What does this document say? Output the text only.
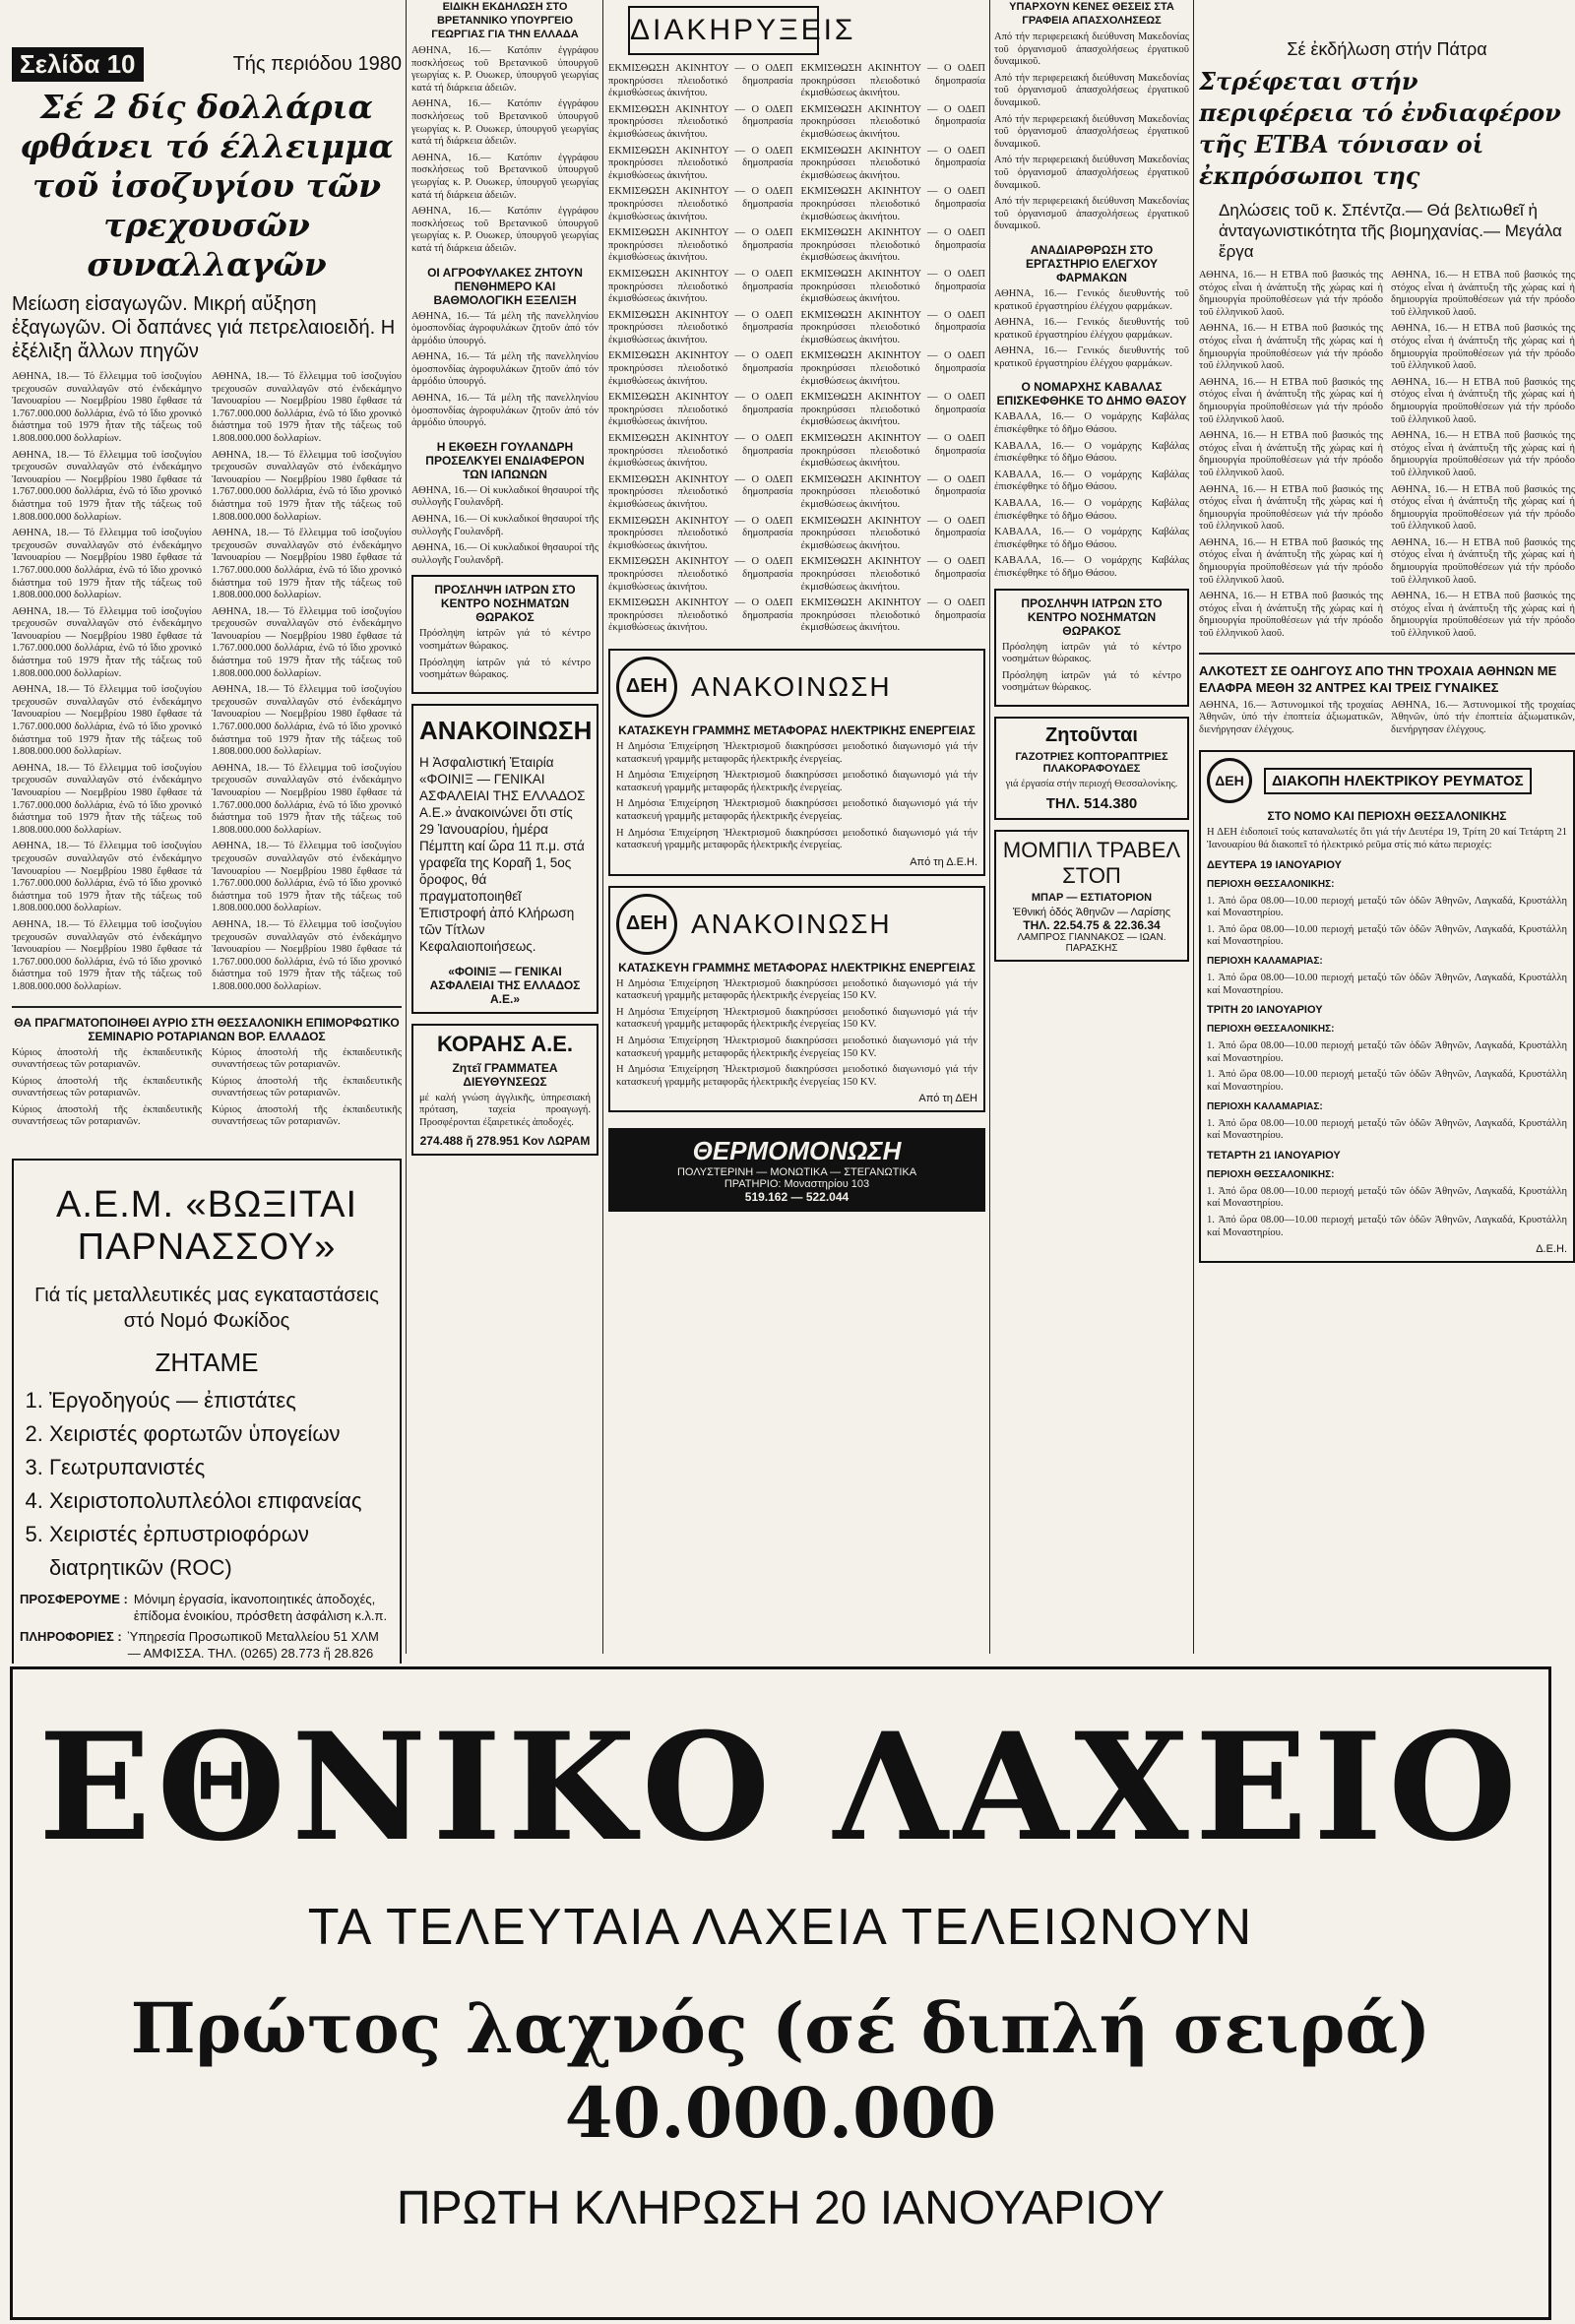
Σελίδα 10	Τής περιόδου 1980
Σέ 2 δίς δολλάρια φθάνει τό έλλειμμα τοῦ ἰσοζυγίου τῶν τρεχουσῶν συναλλαγῶν
Μείωση εἰσαγωγῶν. Μικρή αὔξηση ἐξαγωγῶν. Οἱ δαπάνες γιά πετρελαιοειδή. Η ἐξέλιξη ἄλλων πηγῶν

ΑΘΗΝΑ, 18.— Τό ἔλλειμμα τοῦ ἰσοζυγίου τρεχουσῶν συναλλαγῶν στό ἐνδεκάμηνο Ἰανουαρίου — Νοεμβρίου 1980 ἔφθασε τά 1.767.000.000 δολλάρια, ἐνῶ τό ἴδιο χρονικό διάστημα τοῦ 1979 ἦταν τῆς τάξεως τοῦ 1.808.000.000 δολλαρίων.

ΑΘΗΝΑ, 18.— Τό ἔλλειμμα τοῦ ἰσοζυγίου τρεχουσῶν συναλλαγῶν στό ἐνδεκάμηνο Ἰανουαρίου — Νοεμβρίου 1980 ἔφθασε τά 1.767.000.000 δολλάρια, ἐνῶ τό ἴδιο χρονικό διάστημα τοῦ 1979 ἦταν τῆς τάξεως τοῦ 1.808.000.000 δολλαρίων.

ΑΘΗΝΑ, 18.— Τό ἔλλειμμα τοῦ ἰσοζυγίου τρεχουσῶν συναλλαγῶν στό ἐνδεκάμηνο Ἰανουαρίου — Νοεμβρίου 1980 ἔφθασε τά 1.767.000.000 δολλάρια, ἐνῶ τό ἴδιο χρονικό διάστημα τοῦ 1979 ἦταν τῆς τάξεως τοῦ 1.808.000.000 δολλαρίων.

ΑΘΗΝΑ, 18.— Τό ἔλλειμμα τοῦ ἰσοζυγίου τρεχουσῶν συναλλαγῶν στό ἐνδεκάμηνο Ἰανουαρίου — Νοεμβρίου 1980 ἔφθασε τά 1.767.000.000 δολλάρια, ἐνῶ τό ἴδιο χρονικό διάστημα τοῦ 1979 ἦταν τῆς τάξεως τοῦ 1.808.000.000 δολλαρίων.

ΑΘΗΝΑ, 18.— Τό ἔλλειμμα τοῦ ἰσοζυγίου τρεχουσῶν συναλλαγῶν στό ἐνδεκάμηνο Ἰανουαρίου — Νοεμβρίου 1980 ἔφθασε τά 1.767.000.000 δολλάρια, ἐνῶ τό ἴδιο χρονικό διάστημα τοῦ 1979 ἦταν τῆς τάξεως τοῦ 1.808.000.000 δολλαρίων.

ΑΘΗΝΑ, 18.— Τό ἔλλειμμα τοῦ ἰσοζυγίου τρεχουσῶν συναλλαγῶν στό ἐνδεκάμηνο Ἰανουαρίου — Νοεμβρίου 1980 ἔφθασε τά 1.767.000.000 δολλάρια, ἐνῶ τό ἴδιο χρονικό διάστημα τοῦ 1979 ἦταν τῆς τάξεως τοῦ 1.808.000.000 δολλαρίων.

ΑΘΗΝΑ, 18.— Τό ἔλλειμμα τοῦ ἰσοζυγίου τρεχουσῶν συναλλαγῶν στό ἐνδεκάμηνο Ἰανουαρίου — Νοεμβρίου 1980 ἔφθασε τά 1.767.000.000 δολλάρια, ἐνῶ τό ἴδιο χρονικό διάστημα τοῦ 1979 ἦταν τῆς τάξεως τοῦ 1.808.000.000 δολλαρίων.

ΑΘΗΝΑ, 18.— Τό ἔλλειμμα τοῦ ἰσοζυγίου τρεχουσῶν συναλλαγῶν στό ἐνδεκάμηνο Ἰανουαρίου — Νοεμβρίου 1980 ἔφθασε τά 1.767.000.000 δολλάρια, ἐνῶ τό ἴδιο χρονικό διάστημα τοῦ 1979 ἦταν τῆς τάξεως τοῦ 1.808.000.000 δολλαρίων.

ΑΘΗΝΑ, 18.— Τό ἔλλειμμα τοῦ ἰσοζυγίου τρεχουσῶν συναλλαγῶν στό ἐνδεκάμηνο Ἰανουαρίου — Νοεμβρίου 1980 ἔφθασε τά 1.767.000.000 δολλάρια, ἐνῶ τό ἴδιο χρονικό διάστημα τοῦ 1979 ἦταν τῆς τάξεως τοῦ 1.808.000.000 δολλαρίων.

ΑΘΗΝΑ, 18.— Τό ἔλλειμμα τοῦ ἰσοζυγίου τρεχουσῶν συναλλαγῶν στό ἐνδεκάμηνο Ἰανουαρίου — Νοεμβρίου 1980 ἔφθασε τά 1.767.000.000 δολλάρια, ἐνῶ τό ἴδιο χρονικό διάστημα τοῦ 1979 ἦταν τῆς τάξεως τοῦ 1.808.000.000 δολλαρίων.

ΑΘΗΝΑ, 18.— Τό ἔλλειμμα τοῦ ἰσοζυγίου τρεχουσῶν συναλλαγῶν στό ἐνδεκάμηνο Ἰανουαρίου — Νοεμβρίου 1980 ἔφθασε τά 1.767.000.000 δολλάρια, ἐνῶ τό ἴδιο χρονικό διάστημα τοῦ 1979 ἦταν τῆς τάξεως τοῦ 1.808.000.000 δολλαρίων.

ΑΘΗΝΑ, 18.— Τό ἔλλειμμα τοῦ ἰσοζυγίου τρεχουσῶν συναλλαγῶν στό ἐνδεκάμηνο Ἰανουαρίου — Νοεμβρίου 1980 ἔφθασε τά 1.767.000.000 δολλάρια, ἐνῶ τό ἴδιο χρονικό διάστημα τοῦ 1979 ἦταν τῆς τάξεως τοῦ 1.808.000.000 δολλαρίων.

ΑΘΗΝΑ, 18.— Τό ἔλλειμμα τοῦ ἰσοζυγίου τρεχουσῶν συναλλαγῶν στό ἐνδεκάμηνο Ἰανουαρίου — Νοεμβρίου 1980 ἔφθασε τά 1.767.000.000 δολλάρια, ἐνῶ τό ἴδιο χρονικό διάστημα τοῦ 1979 ἦταν τῆς τάξεως τοῦ 1.808.000.000 δολλαρίων.

ΑΘΗΝΑ, 18.— Τό ἔλλειμμα τοῦ ἰσοζυγίου τρεχουσῶν συναλλαγῶν στό ἐνδεκάμηνο Ἰανουαρίου — Νοεμβρίου 1980 ἔφθασε τά 1.767.000.000 δολλάρια, ἐνῶ τό ἴδιο χρονικό διάστημα τοῦ 1979 ἦταν τῆς τάξεως τοῦ 1.808.000.000 δολλαρίων.

ΑΘΗΝΑ, 18.— Τό ἔλλειμμα τοῦ ἰσοζυγίου τρεχουσῶν συναλλαγῶν στό ἐνδεκάμηνο Ἰανουαρίου — Νοεμβρίου 1980 ἔφθασε τά 1.767.000.000 δολλάρια, ἐνῶ τό ἴδιο χρονικό διάστημα τοῦ 1979 ἦταν τῆς τάξεως τοῦ 1.808.000.000 δολλαρίων.

ΑΘΗΝΑ, 18.— Τό ἔλλειμμα τοῦ ἰσοζυγίου τρεχουσῶν συναλλαγῶν στό ἐνδεκάμηνο Ἰανουαρίου — Νοεμβρίου 1980 ἔφθασε τά 1.767.000.000 δολλάρια, ἐνῶ τό ἴδιο χρονικό διάστημα τοῦ 1979 ἦταν τῆς τάξεως τοῦ 1.808.000.000 δολλαρίων.

ΘΑ ΠΡΑΓΜΑΤΟΠΟΙΗΘΕΙ ΑΥΡΙΟ ΣΤΗ ΘΕΣΣΑΛΟΝΙΚΗ ΕΠΙΜΟΡΦΩΤΙΚΟ ΣΕΜΙΝΑΡΙΟ ΡΟΤΑΡΙΑΝΩΝ ΒΟΡ. ΕΛΛΑΔΟΣ

Κύριος ἀποστολή τῆς ἐκπαιδευτικῆς συναντήσεως τῶν ροταριανῶν.

Κύριος ἀποστολή τῆς ἐκπαιδευτικῆς συναντήσεως τῶν ροταριανῶν.

Κύριος ἀποστολή τῆς ἐκπαιδευτικῆς συναντήσεως τῶν ροταριανῶν.

Κύριος ἀποστολή τῆς ἐκπαιδευτικῆς συναντήσεως τῶν ροταριανῶν.

Κύριος ἀποστολή τῆς ἐκπαιδευτικῆς συναντήσεως τῶν ροταριανῶν.

Κύριος ἀποστολή τῆς ἐκπαιδευτικῆς συναντήσεως τῶν ροταριανῶν.

Α.Ε.Μ. «ΒΩΞΙΤΑΙ ΠΑΡΝΑΣΣΟΥ»
Γιά τίς μεταλλευτικές μας εγκαταστάσεις στό Νομό Φωκίδος
ΖΗΤΑΜΕ
1. Ἐργοδηγούς — ἐπιστάτες
2. Χειριστές φορτωτῶν ὑπογείων
3. Γεωτρυπανιστές
4. Χειριστοπολυπλεόλοι επιφανείας
5. Χειριστές ἐρπυστριοφόρων διατρητικῶν (ROC)
ΠΡΟΣΦΕΡΟΥΜΕ : Μόνιμη ἐργασία, ἱκανοποιητικές ἀποδοχές, ἐπίδομα ἐνοικίου, πρόσθετη ἀσφάλιση κ.λ.π.
ΠΛΗΡΟΦΟΡΙΕΣ : Ὑπηρεσία Προσωπικοῦ Μεταλλείου 51 ΧΛΜ — ΑΜΦΙΣΣΑ. ΤΗΛ. (0265) 28.773 ἤ 28.826
ΕΙΔΙΚΗ ΕΚΔΗΛΩΣΗ ΣΤΟ ΒΡΕΤΑΝΝΙΚΟ ΥΠΟΥΡΓΕΙΟ ΓΕΩΡΓΙΑΣ ΓΙΑ ΤΗΝ ΕΛΛΑΔΑ

ΑΘΗΝΑ, 16.— Κατόπιν ἐγγράφου ποσκλήσεως τοῦ Βρετανικοῦ ὑπουργοῦ γεωργίας κ. Ρ. Ουωκερ, ὑπουργοῦ γεωργίας κατά τή διάρκεια ἀδειῶν.

ΑΘΗΝΑ, 16.— Κατόπιν ἐγγράφου ποσκλήσεως τοῦ Βρετανικοῦ ὑπουργοῦ γεωργίας κ. Ρ. Ουωκερ, ὑπουργοῦ γεωργίας κατά τή διάρκεια ἀδειῶν.

ΑΘΗΝΑ, 16.— Κατόπιν ἐγγράφου ποσκλήσεως τοῦ Βρετανικοῦ ὑπουργοῦ γεωργίας κ. Ρ. Ουωκερ, ὑπουργοῦ γεωργίας κατά τή διάρκεια ἀδειῶν.

ΑΘΗΝΑ, 16.— Κατόπιν ἐγγράφου ποσκλήσεως τοῦ Βρετανικοῦ ὑπουργοῦ γεωργίας κ. Ρ. Ουωκερ, ὑπουργοῦ γεωργίας κατά τή διάρκεια ἀδειῶν.

ΟΙ ΑΓΡΟΦΥΛΑΚΕΣ ΖΗΤΟΥΝ ΠΕΝΘΗΜΕΡΟ ΚΑΙ ΒΑΘΜΟΛΟΓΙΚΗ ΕΞΕΛΙΞΗ

ΑΘΗΝΑ, 16.— Τά μέλη τῆς πανελληνίου ὁμοσπονδίας ἀγροφυλάκων ζητοῦν ἀπό τόν ἁρμόδιο ὑπουργό.

ΑΘΗΝΑ, 16.— Τά μέλη τῆς πανελληνίου ὁμοσπονδίας ἀγροφυλάκων ζητοῦν ἀπό τόν ἁρμόδιο ὑπουργό.

ΑΘΗΝΑ, 16.— Τά μέλη τῆς πανελληνίου ὁμοσπονδίας ἀγροφυλάκων ζητοῦν ἀπό τόν ἁρμόδιο ὑπουργό.

Η ΕΚΘΕΣΗ ΓΟΥΛΑΝΔΡΗ ΠΡΟΣΕΛΚΥΕΙ ΕΝΔΙΑΦΕΡΟΝ ΤΩΝ ΙΑΠΩΝΩΝ

ΑΘΗΝΑ, 16.— Οἱ κυκλαδικοί θησαυροί τῆς συλλογῆς Γουλανδρῆ.

ΑΘΗΝΑ, 16.— Οἱ κυκλαδικοί θησαυροί τῆς συλλογῆς Γουλανδρῆ.

ΑΘΗΝΑ, 16.— Οἱ κυκλαδικοί θησαυροί τῆς συλλογῆς Γουλανδρῆ.

ΠΡΟΣΛΗΨΗ ΙΑΤΡΩΝ ΣΤΟ ΚΕΝΤΡΟ ΝΟΣΗΜΑΤΩΝ ΘΩΡΑΚΟΣ

Πρόσληψη ἰατρῶν γιά τό κέντρο νοσημάτων θώρακος.

Πρόσληψη ἰατρῶν γιά τό κέντρο νοσημάτων θώρακος.

ΑΝΑΚΟΙΝΩΣΗ
Η Ἀσφαλιστική Ἑταιρία «ΦΟΙΝΙΞ — ΓΕΝΙΚΑΙ ΑΣΦΑΛΕΙΑΙ ΤΗΣ ΕΛΛΑΔΟΣ Α.Ε.» ἀνακοινώνει ὅτι στίς 29 Ἰανουαρίου, ἡμέρα Πέμπτη καί ὥρα 11 π.μ. στά γραφεῖα της Κοραῆ 1, 5ος ὄροφος, θά πραγματοποιηθεῖ Ἐπιστροφή ἀπό Κλήρωση τῶν Τίτλων Κεφαλαιοποιήσεως.
«ΦΟΙΝΙΞ — ΓΕΝΙΚΑΙ ΑΣΦΑΛΕΙΑΙ ΤΗΣ ΕΛΛΑΔΟΣ Α.Ε.»
ΚΟΡΑΗΣ Α.Ε.
Ζητεῖ ΓΡΑΜΜΑΤΕΑ ΔΙΕΥΘΥΝΣΕΩΣ

μέ καλή γνώση ἀγγλικῆς, ὑπηρεσιακή πρόταση, ταχεία προαγωγή. Προσφέρονται ἐξαιρετικές ἀποδοχές.

274.488 ἤ 278.951 Κον ΛΩΡΑΜ
ΔΙΑΚΗΡΥΞΕΙΣ

ΕΚΜΙΣΘΩΣΗ ΑΚΙΝΗΤΟΥ — Ο ΟΔΕΠ προκηρύσσει πλειοδοτικό δημοπρασία ἐκμισθώσεως ἀκινήτου.

ΕΚΜΙΣΘΩΣΗ ΑΚΙΝΗΤΟΥ — Ο ΟΔΕΠ προκηρύσσει πλειοδοτικό δημοπρασία ἐκμισθώσεως ἀκινήτου.

ΕΚΜΙΣΘΩΣΗ ΑΚΙΝΗΤΟΥ — Ο ΟΔΕΠ προκηρύσσει πλειοδοτικό δημοπρασία ἐκμισθώσεως ἀκινήτου.

ΕΚΜΙΣΘΩΣΗ ΑΚΙΝΗΤΟΥ — Ο ΟΔΕΠ προκηρύσσει πλειοδοτικό δημοπρασία ἐκμισθώσεως ἀκινήτου.

ΕΚΜΙΣΘΩΣΗ ΑΚΙΝΗΤΟΥ — Ο ΟΔΕΠ προκηρύσσει πλειοδοτικό δημοπρασία ἐκμισθώσεως ἀκινήτου.

ΕΚΜΙΣΘΩΣΗ ΑΚΙΝΗΤΟΥ — Ο ΟΔΕΠ προκηρύσσει πλειοδοτικό δημοπρασία ἐκμισθώσεως ἀκινήτου.

ΕΚΜΙΣΘΩΣΗ ΑΚΙΝΗΤΟΥ — Ο ΟΔΕΠ προκηρύσσει πλειοδοτικό δημοπρασία ἐκμισθώσεως ἀκινήτου.

ΕΚΜΙΣΘΩΣΗ ΑΚΙΝΗΤΟΥ — Ο ΟΔΕΠ προκηρύσσει πλειοδοτικό δημοπρασία ἐκμισθώσεως ἀκινήτου.

ΕΚΜΙΣΘΩΣΗ ΑΚΙΝΗΤΟΥ — Ο ΟΔΕΠ προκηρύσσει πλειοδοτικό δημοπρασία ἐκμισθώσεως ἀκινήτου.

ΕΚΜΙΣΘΩΣΗ ΑΚΙΝΗΤΟΥ — Ο ΟΔΕΠ προκηρύσσει πλειοδοτικό δημοπρασία ἐκμισθώσεως ἀκινήτου.

ΕΚΜΙΣΘΩΣΗ ΑΚΙΝΗΤΟΥ — Ο ΟΔΕΠ προκηρύσσει πλειοδοτικό δημοπρασία ἐκμισθώσεως ἀκινήτου.

ΕΚΜΙΣΘΩΣΗ ΑΚΙΝΗΤΟΥ — Ο ΟΔΕΠ προκηρύσσει πλειοδοτικό δημοπρασία ἐκμισθώσεως ἀκινήτου.

ΕΚΜΙΣΘΩΣΗ ΑΚΙΝΗΤΟΥ — Ο ΟΔΕΠ προκηρύσσει πλειοδοτικό δημοπρασία ἐκμισθώσεως ἀκινήτου.

ΕΚΜΙΣΘΩΣΗ ΑΚΙΝΗΤΟΥ — Ο ΟΔΕΠ προκηρύσσει πλειοδοτικό δημοπρασία ἐκμισθώσεως ἀκινήτου.

ΕΚΜΙΣΘΩΣΗ ΑΚΙΝΗΤΟΥ — Ο ΟΔΕΠ προκηρύσσει πλειοδοτικό δημοπρασία ἐκμισθώσεως ἀκινήτου.

ΕΚΜΙΣΘΩΣΗ ΑΚΙΝΗΤΟΥ — Ο ΟΔΕΠ προκηρύσσει πλειοδοτικό δημοπρασία ἐκμισθώσεως ἀκινήτου.

ΕΚΜΙΣΘΩΣΗ ΑΚΙΝΗΤΟΥ — Ο ΟΔΕΠ προκηρύσσει πλειοδοτικό δημοπρασία ἐκμισθώσεως ἀκινήτου.

ΕΚΜΙΣΘΩΣΗ ΑΚΙΝΗΤΟΥ — Ο ΟΔΕΠ προκηρύσσει πλειοδοτικό δημοπρασία ἐκμισθώσεως ἀκινήτου.

ΕΚΜΙΣΘΩΣΗ ΑΚΙΝΗΤΟΥ — Ο ΟΔΕΠ προκηρύσσει πλειοδοτικό δημοπρασία ἐκμισθώσεως ἀκινήτου.

ΕΚΜΙΣΘΩΣΗ ΑΚΙΝΗΤΟΥ — Ο ΟΔΕΠ προκηρύσσει πλειοδοτικό δημοπρασία ἐκμισθώσεως ἀκινήτου.

ΕΚΜΙΣΘΩΣΗ ΑΚΙΝΗΤΟΥ — Ο ΟΔΕΠ προκηρύσσει πλειοδοτικό δημοπρασία ἐκμισθώσεως ἀκινήτου.

ΕΚΜΙΣΘΩΣΗ ΑΚΙΝΗΤΟΥ — Ο ΟΔΕΠ προκηρύσσει πλειοδοτικό δημοπρασία ἐκμισθώσεως ἀκινήτου.

ΕΚΜΙΣΘΩΣΗ ΑΚΙΝΗΤΟΥ — Ο ΟΔΕΠ προκηρύσσει πλειοδοτικό δημοπρασία ἐκμισθώσεως ἀκινήτου.

ΕΚΜΙΣΘΩΣΗ ΑΚΙΝΗΤΟΥ — Ο ΟΔΕΠ προκηρύσσει πλειοδοτικό δημοπρασία ἐκμισθώσεως ἀκινήτου.

ΕΚΜΙΣΘΩΣΗ ΑΚΙΝΗΤΟΥ — Ο ΟΔΕΠ προκηρύσσει πλειοδοτικό δημοπρασία ἐκμισθώσεως ἀκινήτου.

ΕΚΜΙΣΘΩΣΗ ΑΚΙΝΗΤΟΥ — Ο ΟΔΕΠ προκηρύσσει πλειοδοτικό δημοπρασία ἐκμισθώσεως ἀκινήτου.

ΕΚΜΙΣΘΩΣΗ ΑΚΙΝΗΤΟΥ — Ο ΟΔΕΠ προκηρύσσει πλειοδοτικό δημοπρασία ἐκμισθώσεως ἀκινήτου.

ΕΚΜΙΣΘΩΣΗ ΑΚΙΝΗΤΟΥ — Ο ΟΔΕΠ προκηρύσσει πλειοδοτικό δημοπρασία ἐκμισθώσεως ἀκινήτου.

ΔΕΗ ΑΝΑΚΟΙΝΩΣΗ
ΚΑΤΑΣΚΕΥΗ ΓΡΑΜΜΗΣ ΜΕΤΑΦΟΡΑΣ ΗΛΕΚΤΡΙΚΗΣ ΕΝΕΡΓΕΙΑΣ

Η Δημόσια Ἐπιχείρηση Ἠλεκτρισμοῦ διακηρύσσει μειοδοτικό διαγωνισμό γιά τήν κατασκευή γραμμῆς μεταφορᾶς ἠλεκτρικῆς ἐνεργείας.

Η Δημόσια Ἐπιχείρηση Ἠλεκτρισμοῦ διακηρύσσει μειοδοτικό διαγωνισμό γιά τήν κατασκευή γραμμῆς μεταφορᾶς ἠλεκτρικῆς ἐνεργείας.

Η Δημόσια Ἐπιχείρηση Ἠλεκτρισμοῦ διακηρύσσει μειοδοτικό διαγωνισμό γιά τήν κατασκευή γραμμῆς μεταφορᾶς ἠλεκτρικῆς ἐνεργείας.

Η Δημόσια Ἐπιχείρηση Ἠλεκτρισμοῦ διακηρύσσει μειοδοτικό διαγωνισμό γιά τήν κατασκευή γραμμῆς μεταφορᾶς ἠλεκτρικῆς ἐνεργείας.

Από τη Δ.Ε.Η.
ΔΕΗ ΑΝΑΚΟΙΝΩΣΗ
ΚΑΤΑΣΚΕΥΗ ΓΡΑΜΜΗΣ ΜΕΤΑΦΟΡΑΣ ΗΛΕΚΤΡΙΚΗΣ ΕΝΕΡΓΕΙΑΣ

Η Δημόσια Ἐπιχείρηση Ἠλεκτρισμοῦ διακηρύσσει μειοδοτικό διαγωνισμό γιά τήν κατασκευή γραμμῆς μεταφορᾶς ἠλεκτρικῆς ἐνεργείας 150 ΚV.

Η Δημόσια Ἐπιχείρηση Ἠλεκτρισμοῦ διακηρύσσει μειοδοτικό διαγωνισμό γιά τήν κατασκευή γραμμῆς μεταφορᾶς ἠλεκτρικῆς ἐνεργείας 150 ΚV.

Η Δημόσια Ἐπιχείρηση Ἠλεκτρισμοῦ διακηρύσσει μειοδοτικό διαγωνισμό γιά τήν κατασκευή γραμμῆς μεταφορᾶς ἠλεκτρικῆς ἐνεργείας 150 ΚV.

Η Δημόσια Ἐπιχείρηση Ἠλεκτρισμοῦ διακηρύσσει μειοδοτικό διαγωνισμό γιά τήν κατασκευή γραμμῆς μεταφορᾶς ἠλεκτρικῆς ἐνεργείας 150 ΚV.

Από τη ΔΕΗ
ΘΕΡΜΟΜΟΝΩΣΗ
ΠΟΛΥΣΤΕΡΙΝΗ — ΜΟΝΩΤΙΚΑ — ΣΤΕΓΑΝΩΤΙΚΑ
ΠΡΑΤΗΡΙΟ: Μοναστηρίου 103
519.162 — 522.044
ΥΠΑΡΧΟΥΝ ΚΕΝΕΣ ΘΕΣΕΙΣ ΣΤΑ ΓΡΑΦΕΙΑ ΑΠΑΣΧΟΛΗΣΕΩΣ

Από τήν περιφερειακή διεύθυνση Μακεδονίας τοῦ ὀργανισμοῦ ἀπασχολήσεως ἐργατικοῦ δυναμικοῦ.

Από τήν περιφερειακή διεύθυνση Μακεδονίας τοῦ ὀργανισμοῦ ἀπασχολήσεως ἐργατικοῦ δυναμικοῦ.

Από τήν περιφερειακή διεύθυνση Μακεδονίας τοῦ ὀργανισμοῦ ἀπασχολήσεως ἐργατικοῦ δυναμικοῦ.

Από τήν περιφερειακή διεύθυνση Μακεδονίας τοῦ ὀργανισμοῦ ἀπασχολήσεως ἐργατικοῦ δυναμικοῦ.

Από τήν περιφερειακή διεύθυνση Μακεδονίας τοῦ ὀργανισμοῦ ἀπασχολήσεως ἐργατικοῦ δυναμικοῦ.

ΑΝΑΔΙΑΡΘΡΩΣΗ ΣΤΟ ΕΡΓΑΣΤΗΡΙΟ ΕΛΕΓΧΟΥ ΦΑΡΜΑΚΩΝ

ΑΘΗΝΑ, 16.— Γενικός διευθυντής τοῦ κρατικοῦ ἐργαστηρίου ἐλέγχου φαρμάκων.

ΑΘΗΝΑ, 16.— Γενικός διευθυντής τοῦ κρατικοῦ ἐργαστηρίου ἐλέγχου φαρμάκων.

ΑΘΗΝΑ, 16.— Γενικός διευθυντής τοῦ κρατικοῦ ἐργαστηρίου ἐλέγχου φαρμάκων.

Ο ΝΟΜΑΡΧΗΣ ΚΑΒΑΛΑΣ ΕΠΙΣΚΕΦΘΗΚΕ ΤΟ ΔΗΜΟ ΘΑΣΟΥ

ΚΑΒΑΛΑ, 16.— Ο νομάρχης Καβάλας ἐπισκέφθηκε τό δῆμο Θάσου.

ΚΑΒΑΛΑ, 16.— Ο νομάρχης Καβάλας ἐπισκέφθηκε τό δῆμο Θάσου.

ΚΑΒΑΛΑ, 16.— Ο νομάρχης Καβάλας ἐπισκέφθηκε τό δῆμο Θάσου.

ΚΑΒΑΛΑ, 16.— Ο νομάρχης Καβάλας ἐπισκέφθηκε τό δῆμο Θάσου.

ΚΑΒΑΛΑ, 16.— Ο νομάρχης Καβάλας ἐπισκέφθηκε τό δῆμο Θάσου.

ΚΑΒΑΛΑ, 16.— Ο νομάρχης Καβάλας ἐπισκέφθηκε τό δῆμο Θάσου.

ΠΡΟΣΛΗΨΗ ΙΑΤΡΩΝ ΣΤΟ ΚΕΝΤΡΟ ΝΟΣΗΜΑΤΩΝ ΘΩΡΑΚΟΣ

Πρόσληψη ἰατρῶν γιά τό κέντρο νοσημάτων θώρακος.

Πρόσληψη ἰατρῶν γιά τό κέντρο νοσημάτων θώρακος.

Ζητοῦνται
ΓΑΖΟΤΡΙΕΣ ΚΟΠΤΟΡΑΠΤΡΙΕΣ ΠΛΑΚΟΡΑΦΟΥΔΕΣ

γιά ἐργασία στήν περιοχή Θεσσαλονίκης.

ΤΗΛ. 514.380
ΜΟΜΠΙΛ ΤΡΑΒΕΛ ΣΤΟΠ
ΜΠΑΡ — ΕΣΤΙΑΤΟΡΙΟΝ
Ἐθνική ὁδός Ἀθηνῶν — Λαρίσης
ΤΗΛ. 22.54.75 & 22.36.34
ΛΑΜΠΡΟΣ ΓΙΑΝΝΑΚΟΣ — ΙΩΑΝ. ΠΑΡΑΣΚΗΣ
Σέ ἐκδήλωση στήν Πάτρα
Στρέφεται στήν περιφέρεια τό ἐνδιαφέρον τῆς ΕΤΒΑ τόνισαν οἱ ἐκπρόσωποι της
Δηλώσεις τοῦ κ. Σπέντζα.— Θά βελτιωθεῖ ἡ ἀνταγωνιστικότητα τῆς βιομηχανίας.— Μεγάλα ἔργα

ΑΘΗΝΑ, 16.— Η ΕΤΒΑ ποῦ βασικός της στόχος εἶναι ἡ ἀνάπτυξη τῆς χώρας καί ἡ δημιουργία προϋποθέσεων γιά τήν πρόοδο τοῦ ἑλληνικοῦ λαοῦ.

ΑΘΗΝΑ, 16.— Η ΕΤΒΑ ποῦ βασικός της στόχος εἶναι ἡ ἀνάπτυξη τῆς χώρας καί ἡ δημιουργία προϋποθέσεων γιά τήν πρόοδο τοῦ ἑλληνικοῦ λαοῦ.

ΑΘΗΝΑ, 16.— Η ΕΤΒΑ ποῦ βασικός της στόχος εἶναι ἡ ἀνάπτυξη τῆς χώρας καί ἡ δημιουργία προϋποθέσεων γιά τήν πρόοδο τοῦ ἑλληνικοῦ λαοῦ.

ΑΘΗΝΑ, 16.— Η ΕΤΒΑ ποῦ βασικός της στόχος εἶναι ἡ ἀνάπτυξη τῆς χώρας καί ἡ δημιουργία προϋποθέσεων γιά τήν πρόοδο τοῦ ἑλληνικοῦ λαοῦ.

ΑΘΗΝΑ, 16.— Η ΕΤΒΑ ποῦ βασικός της στόχος εἶναι ἡ ἀνάπτυξη τῆς χώρας καί ἡ δημιουργία προϋποθέσεων γιά τήν πρόοδο τοῦ ἑλληνικοῦ λαοῦ.

ΑΘΗΝΑ, 16.— Η ΕΤΒΑ ποῦ βασικός της στόχος εἶναι ἡ ἀνάπτυξη τῆς χώρας καί ἡ δημιουργία προϋποθέσεων γιά τήν πρόοδο τοῦ ἑλληνικοῦ λαοῦ.

ΑΘΗΝΑ, 16.— Η ΕΤΒΑ ποῦ βασικός της στόχος εἶναι ἡ ἀνάπτυξη τῆς χώρας καί ἡ δημιουργία προϋποθέσεων γιά τήν πρόοδο τοῦ ἑλληνικοῦ λαοῦ.

ΑΘΗΝΑ, 16.— Η ΕΤΒΑ ποῦ βασικός της στόχος εἶναι ἡ ἀνάπτυξη τῆς χώρας καί ἡ δημιουργία προϋποθέσεων γιά τήν πρόοδο τοῦ ἑλληνικοῦ λαοῦ.

ΑΘΗΝΑ, 16.— Η ΕΤΒΑ ποῦ βασικός της στόχος εἶναι ἡ ἀνάπτυξη τῆς χώρας καί ἡ δημιουργία προϋποθέσεων γιά τήν πρόοδο τοῦ ἑλληνικοῦ λαοῦ.

ΑΘΗΝΑ, 16.— Η ΕΤΒΑ ποῦ βασικός της στόχος εἶναι ἡ ἀνάπτυξη τῆς χώρας καί ἡ δημιουργία προϋποθέσεων γιά τήν πρόοδο τοῦ ἑλληνικοῦ λαοῦ.

ΑΘΗΝΑ, 16.— Η ΕΤΒΑ ποῦ βασικός της στόχος εἶναι ἡ ἀνάπτυξη τῆς χώρας καί ἡ δημιουργία προϋποθέσεων γιά τήν πρόοδο τοῦ ἑλληνικοῦ λαοῦ.

ΑΘΗΝΑ, 16.— Η ΕΤΒΑ ποῦ βασικός της στόχος εἶναι ἡ ἀνάπτυξη τῆς χώρας καί ἡ δημιουργία προϋποθέσεων γιά τήν πρόοδο τοῦ ἑλληνικοῦ λαοῦ.

ΑΘΗΝΑ, 16.— Η ΕΤΒΑ ποῦ βασικός της στόχος εἶναι ἡ ἀνάπτυξη τῆς χώρας καί ἡ δημιουργία προϋποθέσεων γιά τήν πρόοδο τοῦ ἑλληνικοῦ λαοῦ.

ΑΘΗΝΑ, 16.— Η ΕΤΒΑ ποῦ βασικός της στόχος εἶναι ἡ ἀνάπτυξη τῆς χώρας καί ἡ δημιουργία προϋποθέσεων γιά τήν πρόοδο τοῦ ἑλληνικοῦ λαοῦ.

ΑΛΚΟΤΕΣΤ ΣΕ ΟΔΗΓΟΥΣ ΑΠΟ ΤΗΝ ΤΡΟΧΑΙΑ ΑΘΗΝΩΝ ΜΕ ΕΛΑΦΡΑ ΜΕΘΗ 32 ΑΝΤΡΕΣ ΚΑΙ ΤΡΕΙΣ ΓΥΝΑΙΚΕΣ

ΑΘΗΝΑ, 16.— Ἀστυνομικοί τῆς τροχαίας Ἀθηνῶν, ὑπό τήν ἐποπτεία ἀξιωματικῶν, διενήργησαν ἐλέγχους.

ΑΘΗΝΑ, 16.— Ἀστυνομικοί τῆς τροχαίας Ἀθηνῶν, ὑπό τήν ἐποπτεία ἀξιωματικῶν, διενήργησαν ἐλέγχους.

ΔΕΗ	ΔΙΑΚΟΠΗ ΗΛΕΚΤΡΙΚΟΥ ΡΕΥΜΑΤΟΣ
ΣΤΟ ΝΟΜΟ ΚΑΙ ΠΕΡΙΟΧΗ ΘΕΣΣΑΛΟΝΙΚΗΣ

Η ΔΕΗ ἐιδοποιεῖ τούς καταναλωτές ὅτι γιά τήν Δευτέρα 19, Τρίτη 20 καί Τετάρτη 21 Ἰανουαρίου θά διακοπεῖ τό ἠλεκτρικό ρεῦμα στίς πιό κάτω περιοχές:

ΔΕΥΤΕΡΑ 19 ΙΑΝΟΥΑΡΙΟΥ
ΠΕΡΙΟΧΗ ΘΕΣΣΑΛΟΝΙΚΗΣ:

1. Ἀπό ὥρα 08.00—10.00 περιοχή μεταξύ τῶν ὁδῶν Ἀθηνῶν, Λαγκαδά, Κρυστάλλη καί Μοναστηρίου.

1. Ἀπό ὥρα 08.00—10.00 περιοχή μεταξύ τῶν ὁδῶν Ἀθηνῶν, Λαγκαδά, Κρυστάλλη καί Μοναστηρίου.

ΠΕΡΙΟΧΗ ΚΑΛΑΜΑΡΙΑΣ:

1. Ἀπό ὥρα 08.00—10.00 περιοχή μεταξύ τῶν ὁδῶν Ἀθηνῶν, Λαγκαδά, Κρυστάλλη καί Μοναστηρίου.

ΤΡΙΤΗ 20 ΙΑΝΟΥΑΡΙΟΥ
ΠΕΡΙΟΧΗ ΘΕΣΣΑΛΟΝΙΚΗΣ:

1. Ἀπό ὥρα 08.00—10.00 περιοχή μεταξύ τῶν ὁδῶν Ἀθηνῶν, Λαγκαδά, Κρυστάλλη καί Μοναστηρίου.

1. Ἀπό ὥρα 08.00—10.00 περιοχή μεταξύ τῶν ὁδῶν Ἀθηνῶν, Λαγκαδά, Κρυστάλλη καί Μοναστηρίου.

ΠΕΡΙΟΧΗ ΚΑΛΑΜΑΡΙΑΣ:

1. Ἀπό ὥρα 08.00—10.00 περιοχή μεταξύ τῶν ὁδῶν Ἀθηνῶν, Λαγκαδά, Κρυστάλλη καί Μοναστηρίου.

ΤΕΤΑΡΤΗ 21 ΙΑΝΟΥΑΡΙΟΥ
ΠΕΡΙΟΧΗ ΘΕΣΣΑΛΟΝΙΚΗΣ:

1. Ἀπό ὥρα 08.00—10.00 περιοχή μεταξύ τῶν ὁδῶν Ἀθηνῶν, Λαγκαδά, Κρυστάλλη καί Μοναστηρίου.

1. Ἀπό ὥρα 08.00—10.00 περιοχή μεταξύ τῶν ὁδῶν Ἀθηνῶν, Λαγκαδά, Κρυστάλλη καί Μοναστηρίου.

Δ.Ε.Η.
ΕΘΝΙΚΟ ΛΑΧΕΙΟ
ΤΑ ΤΕΛΕΥΤΑΙΑ ΛΑΧΕΙΑ ΤΕΛΕΙΩΝΟΥΝ
Πρώτος λαχνός (σέ διπλή σειρά) 40.000.000
ΠΡΩΤΗ ΚΛΗΡΩΣΗ 20 ΙΑΝΟΥΑΡΙΟΥ
